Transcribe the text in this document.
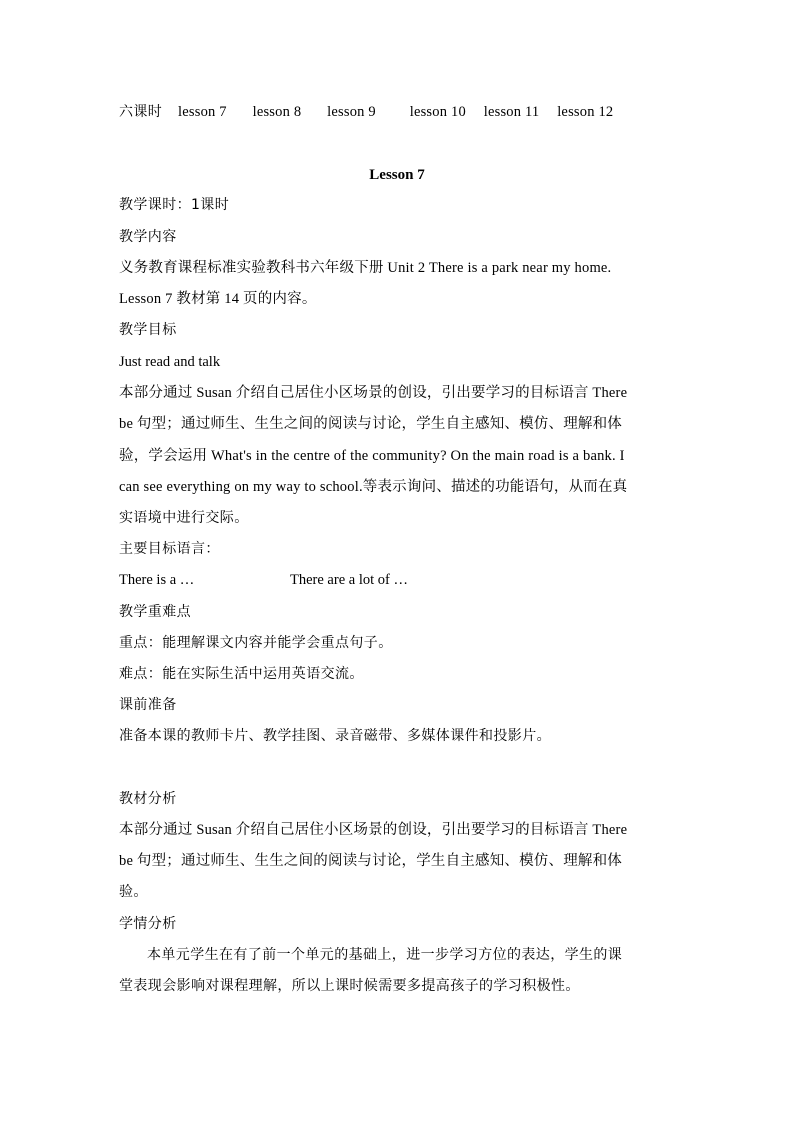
六课时 lesson 7 lesson 8 lesson 9 lesson 10 lesson 11 lesson 12
Lesson 7
教学课时：1课时
教学内容
义务教育课程标准实验教科书六年级下册 Unit 2 There is a park near my home.
Lesson 7 教材第 14 页的内容。
教学目标
Just read and talk
本部分通过 Susan 介绍自己居住小区场景的创设，引出要学习的目标语言 There
be 句型；通过师生、生生之间的阅读与讨论，学生自主感知、模仿、理解和体
验，学会运用 What's in the centre of the community? On the main road is a bank. I
can see everything on my way to school.等表示询问、描述的功能语句，从而在真
实语境中进行交际。
主要目标语言：
There is a …	There are a lot of …
教学重难点
重点：能理解课文内容并能学会重点句子。
难点：能在实际生活中运用英语交流。
课前准备
准备本课的教师卡片、教学挂图、录音磁带、多媒体课件和投影片。
教材分析
本部分通过 Susan 介绍自己居住小区场景的创设，引出要学习的目标语言 There
be 句型；通过师生、生生之间的阅读与讨论，学生自主感知、模仿、理解和体
验。
学情分析
本单元学生在有了前一个单元的基础上，进一步学习方位的表达，学生的课
堂表现会影响对课程理解，所以上课时候需要多提高孩子的学习积极性。
